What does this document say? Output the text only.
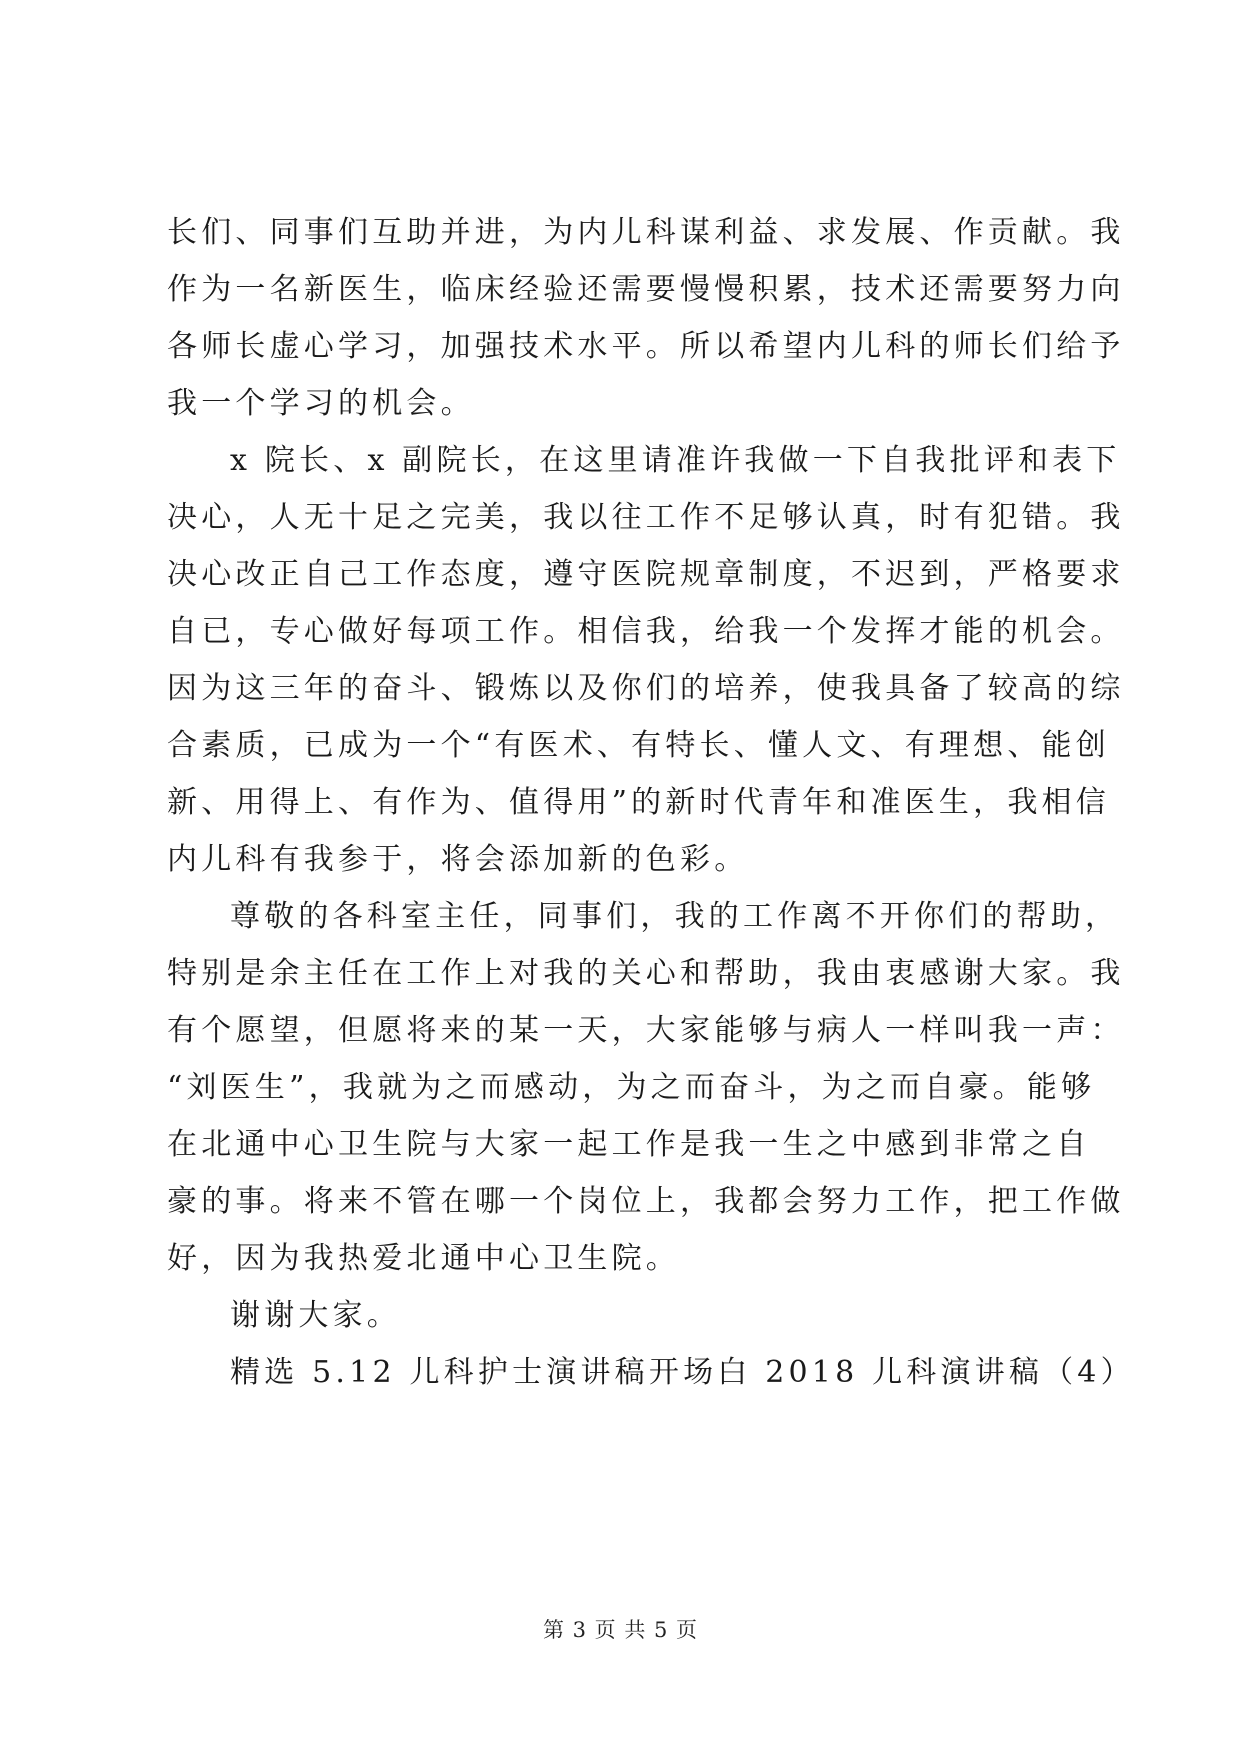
长们、同事们互助并进，为内儿科谋利益、求发展、作贡献。我
作为一名新医生，临床经验还需要慢慢积累，技术还需要努力向
各师长虚心学习，加强技术水平。所以希望内儿科的师长们给予
我一个学习的机会。
x 院长、x 副院长，在这里请准许我做一下自我批评和表下
决心，人无十足之完美，我以往工作不足够认真，时有犯错。我
决心改正自己工作态度，遵守医院规章制度，不迟到，严格要求
自已，专心做好每项工作。相信我，给我一个发挥才能的机会。
因为这三年的奋斗、锻炼以及你们的培养，使我具备了较高的综
合素质，已成为一个“有医术、有特长、懂人文、有理想、能创
新、用得上、有作为、值得用”的新时代青年和准医生，我相信
内儿科有我参于，将会添加新的色彩。
尊敬的各科室主任，同事们，我的工作离不开你们的帮助，
特别是余主任在工作上对我的关心和帮助，我由衷感谢大家。我
有个愿望，但愿将来的某一天，大家能够与病人一样叫我一声：
“刘医生”，我就为之而感动，为之而奋斗，为之而自豪。能够
在北通中心卫生院与大家一起工作是我一生之中感到非常之自
豪的事。将来不管在哪一个岗位上，我都会努力工作，把工作做
好，因为我热爱北通中心卫生院。
谢谢大家。
精选 5.12 儿科护士演讲稿开场白 2018 儿科演讲稿（4）
第 3 页 共 5 页
